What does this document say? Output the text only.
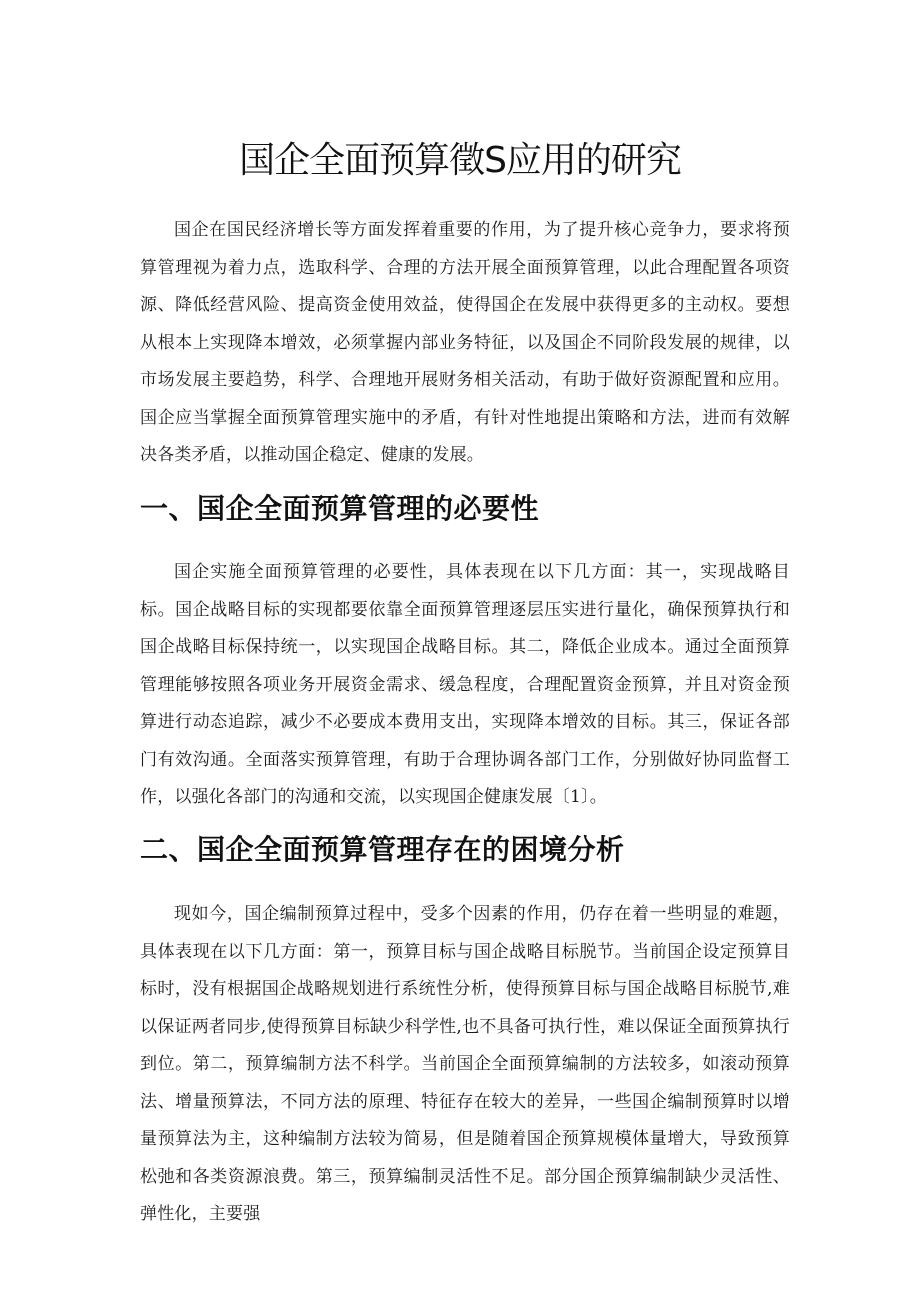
国企全面预算徵S应用的研究

国企在国民经济增长等方面发挥着重要的作用，为了提升核心竞争力，要求将预算管理视为着力点，选取科学、合理的方法开展全面预算管理，以此合理配置各项资源、降低经营风险、提高资金使用效益，使得国企在发展中获得更多的主动权。要想从根本上实现降本增效，必须掌握内部业务特征，以及国企不同阶段发展的规律，以市场发展主要趋势，科学、合理地开展财务相关活动，有助于做好资源配置和应用。国企应当掌握全面预算管理实施中的矛盾，有针对性地提出策略和方法，进而有效解决各类矛盾，以推动国企稳定、健康的发展。

一、国企全面预算管理的必要性

国企实施全面预算管理的必要性，具体表现在以下几方面：其一，实现战略目标。国企战略目标的实现都要依靠全面预算管理逐层压实进行量化，确保预算执行和国企战略目标保持统一，以实现国企战略目标。其二，降低企业成本。通过全面预算管理能够按照各项业务开展资金需求、缓急程度，合理配置资金预算，并且对资金预算进行动态追踪，减少不必要成本费用支出，实现降本增效的目标。其三，保证各部门有效沟通。全面落实预算管理，有助于合理协调各部门工作，分别做好协同监督工作，以强化各部门的沟通和交流，以实现国企健康发展〔1〕。

二、国企全面预算管理存在的困境分析

现如今，国企编制预算过程中，受多个因素的作用，仍存在着一些明显的难题，具体表现在以下几方面：第一，预算目标与国企战略目标脱节。当前国企设定预算目标时，没有根据国企战略规划进行系统性分析，使得预算目标与国企战略目标脱节,难以保证两者同步,使得预算目标缺少科学性,也不具备可执行性，难以保证全面预算执行到位。第二，预算编制方法不科学。当前国企全面预算编制的方法较多，如滚动预算法、增量预算法，不同方法的原理、特征存在较大的差异，一些国企编制预算时以增量预算法为主，这种编制方法较为简易，但是随着国企预算规模体量增大，导致预算松弛和各类资源浪费。第三，预算编制灵活性不足。部分国企预算编制缺少灵活性、弹性化，主要强
